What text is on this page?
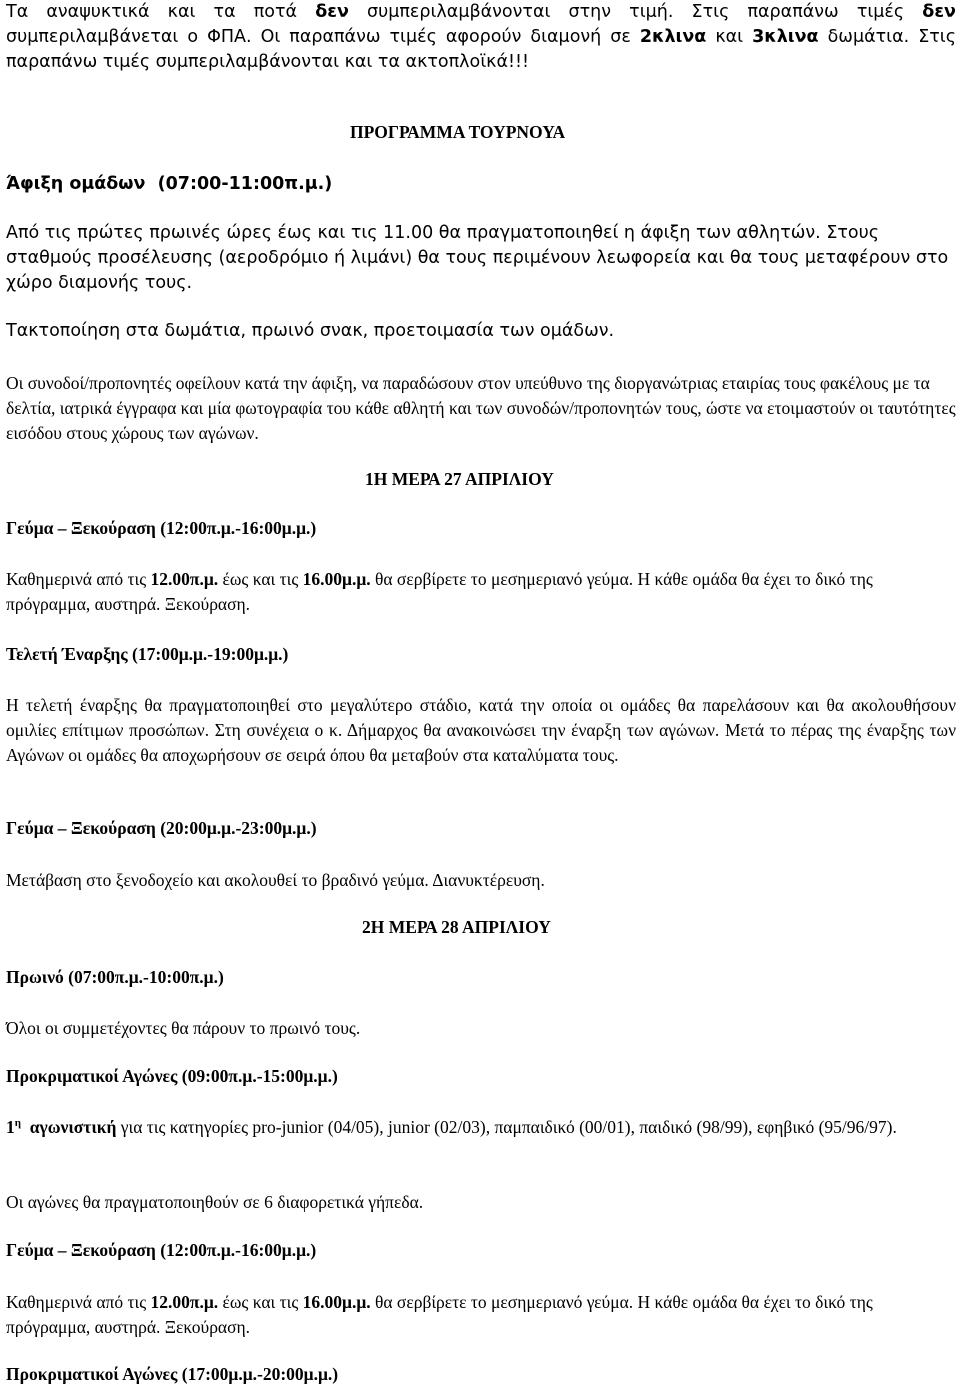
Τα αναψυκτικά και τα ποτά δεν συμπεριλαμβάνονται στην τιμή. Στις παραπάνω τιμές δεν συμπεριλαμβάνεται ο ΦΠΑ. Οι παραπάνω τιμές αφορούν διαμονή σε 2κλινα και 3κλινα δωμάτια. Στις παραπάνω τιμές συμπεριλαμβάνονται και τα ακτοπλοϊκά!!!

ΠΡΟΓΡΑΜΜΑ ΤΟΥΡΝΟΥΑ
Άφιξη ομάδων (07:00-11:00π.μ.)

Από τις πρώτες πρωινές ώρες έως και τις 11.00 θα πραγματοποιηθεί η άφιξη των αθλητών. Στους σταθμούς προσέλευσης (αεροδρόμιο ή λιμάνι) θα τους περιμένουν λεωφορεία και θα τους μεταφέρουν στο χώρο διαμονής τους.

Τακτοποίηση στα δωμάτια, πρωινό σνακ, προετοιμασία των ομάδων.

Οι συνοδοί/προπονητές οφείλουν κατά την άφιξη, να παραδώσουν στον υπεύθυνο της διοργανώτριας εταιρίας τους φακέλους με τα δελτία, ιατρικά έγγραφα και μία φωτογραφία του κάθε αθλητή και των συνοδών/προπονητών τους, ώστε να ετοιμαστούν οι ταυτότητες εισόδου στους χώρους των αγώνων.

1Η ΜΕΡΑ 27 ΑΠΡΙΛΙΟΥ
Γεύμα – Ξεκούραση (12:00π.μ.-16:00μ.μ.)

Καθημερινά από τις 12.00π.μ. έως και τις 16.00μ.μ. θα σερβίρετε το μεσημεριανό γεύμα. Η κάθε ομάδα θα έχει το δικό της πρόγραμμα, αυστηρά. Ξεκούραση.

Τελετή Έναρξης (17:00μ.μ.-19:00μ.μ.)

Η τελετή έναρξης θα πραγματοποιηθεί στο μεγαλύτερο στάδιο, κατά την οποία οι ομάδες θα παρελάσουν και θα ακολουθήσουν ομιλίες επίτιμων προσώπων. Στη συνέχεια ο κ. Δήμαρχος θα ανακοινώσει την έναρξη των αγώνων. Μετά το πέρας της έναρξης των Αγώνων οι ομάδες θα αποχωρήσουν σε σειρά όπου θα μεταβούν στα καταλύματα τους.

Γεύμα – Ξεκούραση (20:00μ.μ.-23:00μ.μ.)

Μετάβαση στο ξενοδοχείο και ακολουθεί το βραδινό γεύμα. Διανυκτέρευση.

2Η ΜΕΡΑ 28 ΑΠΡΙΛΙΟΥ
Πρωινό (07:00π.μ.-10:00π.μ.)

Όλοι οι συμμετέχοντες θα πάρουν το πρωινό τους.

Προκριματικοί Αγώνες (09:00π.μ.-15:00μ.μ.)

$1^\eta$ αγωνιστική για τις κατηγορίες pro-junior (04/05), junior (02/03), παμπαιδικό (00/01), παιδικό (98/99), εφηβικό (95/96/97).

Οι αγώνες θα πραγματοποιηθούν σε 6 διαφορετικά γήπεδα.

Γεύμα – Ξεκούραση (12:00π.μ.-16:00μ.μ.)

Καθημερινά από τις 12.00π.μ. έως και τις 16.00μ.μ. θα σερβίρετε το μεσημεριανό γεύμα. Η κάθε ομάδα θα έχει το δικό της πρόγραμμα, αυστηρά. Ξεκούραση.

Προκριματικοί Αγώνες (17:00μ.μ.-20:00μ.μ.)
